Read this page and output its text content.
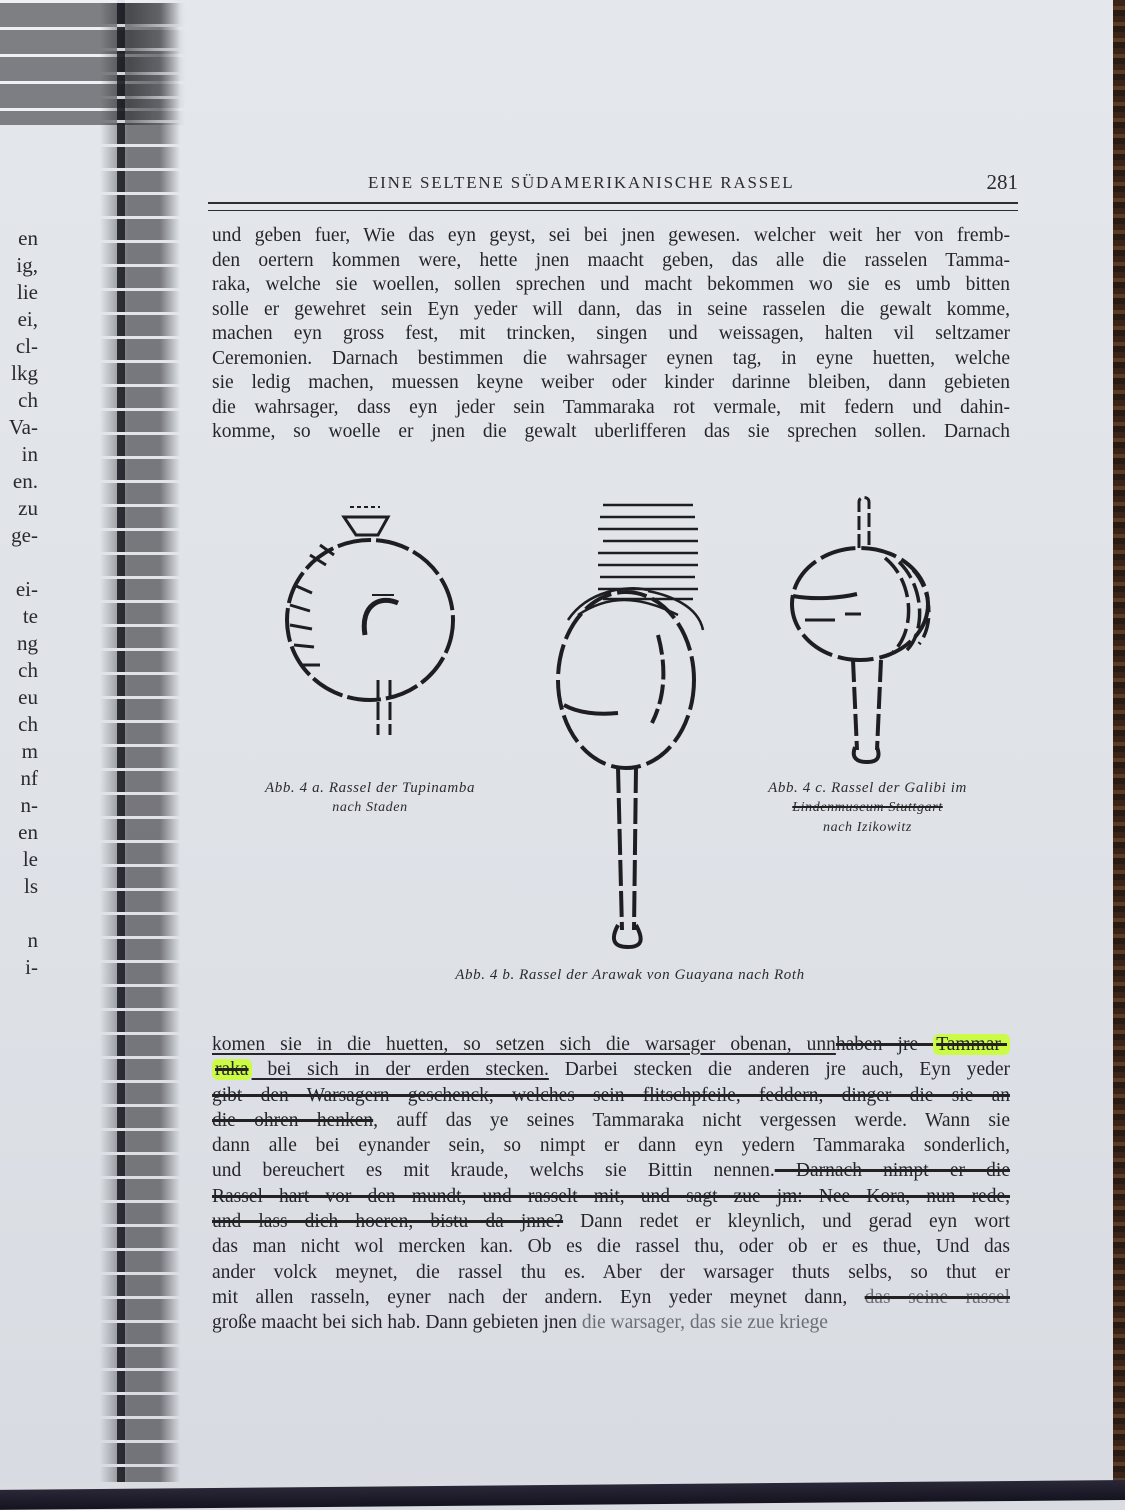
en
ig,
lie
ei,
cl-
lkg
ch
Va-
in
en.
zu
ge-
ei-
te
ng
ch
eu
ch
m
nf
n-
en
le
ls
n
i-
EINE SELTENE SÜDAMERIKANISCHE RASSEL	281
und geben fuer, Wie das eyn geyst, sei bei jnen gewesen. welcher weit her von fremb-
den oertern kommen were, hette jnen maacht geben, das alle die rasselen Tamma-
raka, welche sie woellen, sollen sprechen und macht bekommen wo sie es umb bitten
solle er gewehret sein Eyn yeder will dann, das in seine rasselen die gewalt komme,
machen eyn gross fest, mit trincken, singen und weissagen, halten vil seltzamer
Ceremonien. Darnach bestimmen die wahrsager eynen tag, in eyne huetten, welche
sie ledig machen, muessen keyne weiber oder kinder darinne bleiben, dann gebieten
die wahrsager, dass eyn jeder sein Tammaraka rot vermale, mit federn und dahin-
komme, so woelle er jnen die gewalt uberlifferen das sie sprechen sollen. Darnach
Abb. 4 a. Rassel der Tupinamba
nach Staden
Abb. 4 b. Rassel der Arawak von Guayana nach Roth
Abb. 4 c. Rassel der Galibi im
Lindenmuseum Stuttgart
nach Izikowitz
komen sie in die huetten, so setzen sich die warsager obenan, unnhaben jre Tammar-
raka bei sich in der erden stecken. Darbei stecken die anderen jre auch, Eyn yeder
gibt den Warsagern geschenck, welches sein flitschpfeile, feddern, dinger die sie an
die ohren henken, auff das ye seines Tammaraka nicht vergessen werde. Wann sie
dann alle bei eynander sein, so nimpt er dann eyn yedern Tammaraka sonderlich,
und bereuchert es mit kraude, welchs sie Bittin nennen. Darnach nimpt er die
Rassel hart vor den mundt, und rasselt mit, und sagt zue jm: Nee Kora, nun rede,
und lass dich hoeren, bistu da jnne? Dann redet er kleynlich, und gerad eyn wort
das man nicht wol mercken kan. Ob es die rassel thu, oder ob er es thue, Und das
ander volck meynet, die rassel thu es. Aber der warsager thuts selbs, so thut er
mit allen rasseln, eyner nach der andern. Eyn yeder meynet dann, das seine rassel
große maacht bei sich hab. Dann gebieten jnen die warsager, das sie zue kriege
